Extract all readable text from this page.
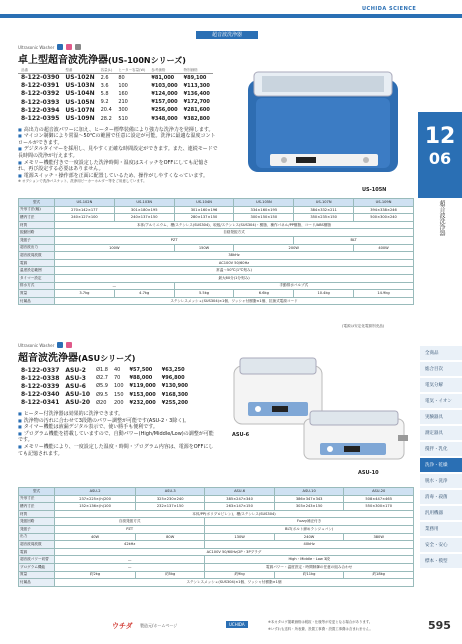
UCHIDA SCIENCE
超音波洗浄器
12
06
超音波洗浄器
Ultrasonic Washer
卓上型超音波洗浄器(US-100Nシリーズ)
品番	型番	容量(L)	ヒーター容量(W)	参考価格	特別価格
8-122-0390	US-102N	2.6	80	¥81,000	¥89,100
8-122-0391	US-103N	3.6	100	¥103,000	¥113,300
8-122-0392	US-104N	5.8	160	¥124,000	¥136,400
8-122-0393	US-105N	9.2	210	¥157,000	¥172,700
8-122-0394	US-107N	20.4	300	¥256,000	¥281,600
8-122-0395	US-109N	28.2	510	¥348,000	¥382,800
■ 高出力の超音波パワーに加え、ヒーター標準装備により強力な洗浄力を発揮します。
■ マイコン制御により常温～50℃の範囲で任意に設定が可能。洗浄に最適な温度コントロールができます。
■ デジタルタイマーを採用し、見やすく正確な時間設定ができます。また、連続モードで長時間の洗浄が行えます。
■ メモリー機能付きで一度設定した洗浄時間・温度はスイッチをOFFにしても記憶され、再び設定する必要はありません。
■ 電源スイッチ・操作部を正面に配置しているため、操作がしやすくなっています。
※ オプションで洗浄バスケット、洗浄用ビーカーホルダー等をご用意しています。
US-105N
型式	US-102N	US-103N	US-104N	US-105N	US-107N	US-109N
外形寸法(幅)	270×142×177	301×180×195	301×160×196	334×160×195	384×332×211	394×338×246
槽内寸法	240×127×100	240×137×150	280×137×150	300×150×150	350×235×150	500×300×240
材質	本体/アルミニウム、槽/ステンレス(SUS304)、取板/ステンレス(SUS304)・樹脂、操作パネル/PP樹脂、コード/ABS樹脂					
振動回路	自励発振方式					
発振子	PZT				BLT	
超音波出力	100W		150W	200W		400W
超音波周波数	38kHz					
電源	AC100V 50/60Hz					
温度設定範囲	常温～50℃(1℃刻み)					
タイマー設定	最大60分(1分刻み)					
排水方式	—		手動排水バルブ式			
質量	3.7kg	4.7kg	5.5kg	6.6kg	10.4kg	14.9kg
付属品	ステンレスメッシュ(SUS304)×1個、ワッシャ付樹脂×1個、抗菌式電源コード					
(電源は安定化電源別売品)
Ultrasonic Washer
超音波洗浄器(ASUシリーズ)
8-122-0337	ASU-2	Ø1.8	40	¥57,500	¥63,250
8-122-0338	ASU-3	Ø2.7	70	¥88,000	¥96,800
8-122-0339	ASU-6	Ø5.9	100	¥119,000	¥130,900
8-122-0340	ASU-10	Ø9.5	150	¥153,000	¥168,300
8-122-0341	ASU-20	Ø20	200	¥232,000	¥255,200
■ ヒーター付洗浄器は効果的に洗浄できます。
■ 洗浄物の汚れに合わせて3段階のパワー調整が可能です(ASU-2・3除く)。
■ タイマー機能は液漏デジタル表示で、使い勝手も便利です。
■ プログラム機能を搭載していますので、自動パワー(High/Middle/Low)の調整が可能です。
■ メモリー機能により、一度設定した温度・時間・プログラム内容は、電源をOFFにしても記憶されます。
ASU-6
ASU-10
型式	ASU-2	ASU-3	ASU-6	ASU-10	ASU-20
外形寸法	237×225×(h)200	325×230×240	385×247×340	386×347×343	508×447×465
槽内寸法	152×136×(h)100	232×137×150	263×147×150	303×243×150	550×300×170
材質	本体/PP(ポリプロピレン)、槽/ステンレス(SUS304)				
発振回路	自励発振方式		Fuzzy補正付き		
発振子	PZT		BLT(ボルト締めランジュバン)		
出力	40W	80W	130W	240W	380W
超音波周波数	42kHz		40kHz		
電源	AC100V 50/60Hz/2P・3Pプラグ				
超音波パワー切替	—		High・Middle・Low 3段		
プログラム機能	—		電源パワー・温度設定・時間制御の任意の組み合わせ		
質量	約2kg	約5kg	約9kg	約11kg	約18kg
付属品	ステンレスメッシュ(SUS304)×1個、ワッシャ付樹脂×1個				
全商品
総合目次
電気分解
電気・イオン
実験器具
測定器具
撹拌・乳化
洗浄・乾燥
脱水・洗浄
消毒・殺菌
汎用機器
業務用
安全・安心
標本・模型
ウチダ 製造元/ホームページ	UCHIDA	※本カタログ掲載価格は税抜・仕様等が変更となる場合があります。
※いずれも送料・所表費、設置工事費・設置工事費は含まれません。	595
